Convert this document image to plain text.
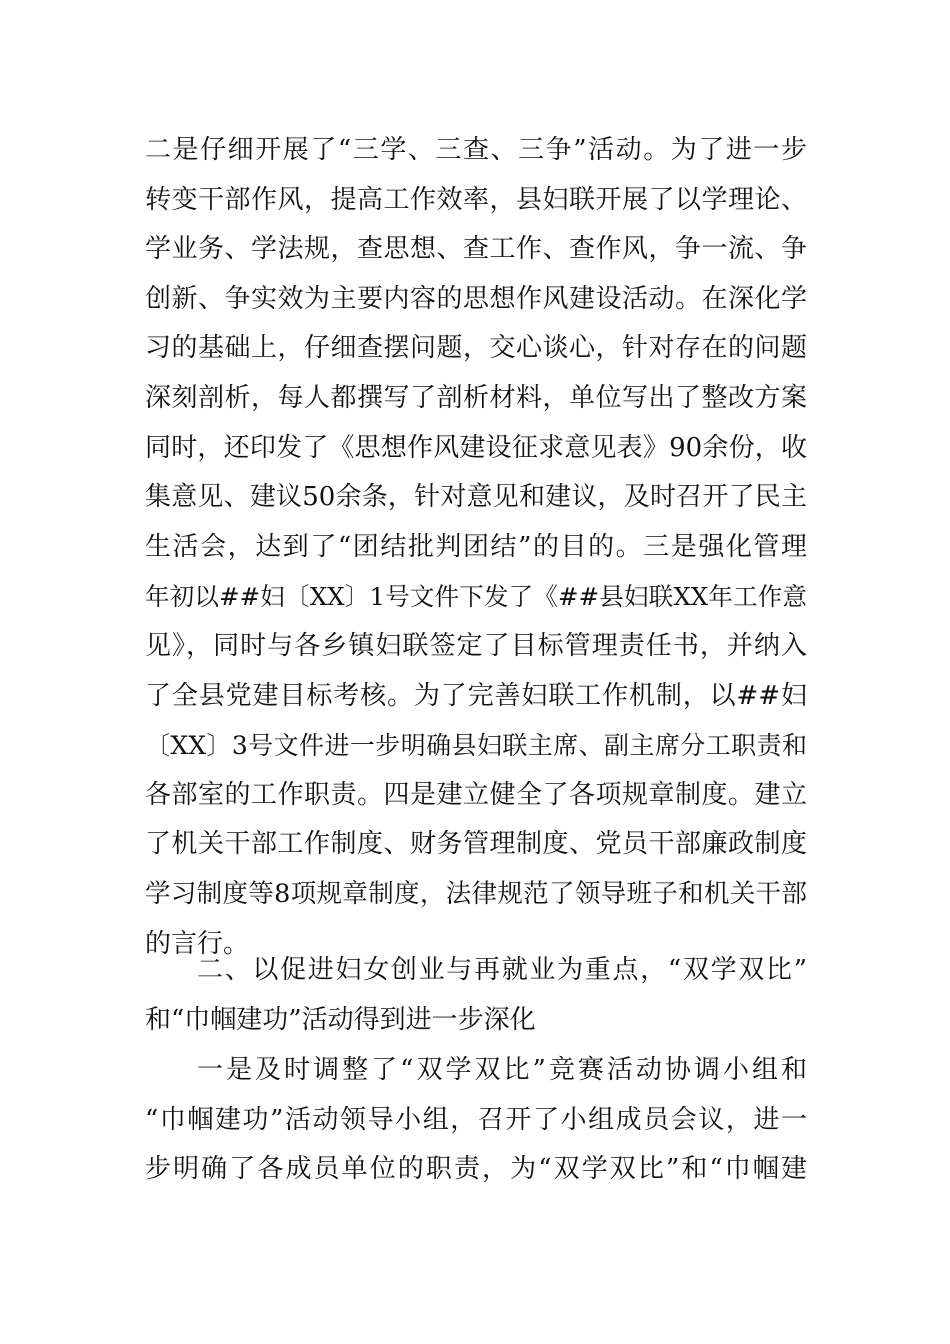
二是仔细开展了“三学、三查、三争”活动。为了进一步
转变干部作风，提高工作效率，县妇联开展了以学理论、
学业务、学法规，查思想、查工作、查作风，争一流、争
创新、争实效为主要内容的思想作风建设活动。在深化学
习的基础上，仔细查摆问题，交心谈心，针对存在的问题
深刻剖析，每人都撰写了剖析材料，单位写出了整改方案
同时，还印发了《思想作风建设征求意见表》90余份，收
集意见、建议50余条，针对意见和建议，及时召开了民主
生活会，达到了“团结批判团结”的目的。三是强化管理
年初以##妇〔XX〕1号文件下发了《##县妇联XX年工作意
见》，同时与各乡镇妇联签定了目标管理责任书，并纳入
了全县党建目标考核。为了完善妇联工作机制，以##妇
〔XX〕3号文件进一步明确县妇联主席、副主席分工职责和
各部室的工作职责。四是建立健全了各项规章制度。建立
了机关干部工作制度、财务管理制度、党员干部廉政制度
学习制度等8项规章制度，法律规范了领导班子和机关干部
的言行。
二、以促进妇女创业与再就业为重点，“双学双比”
和“巾帼建功”活动得到进一步深化
一是及时调整了“双学双比”竞赛活动协调小组和
“巾帼建功”活动领导小组，召开了小组成员会议，进一
步明确了各成员单位的职责，为“双学双比”和“巾帼建
